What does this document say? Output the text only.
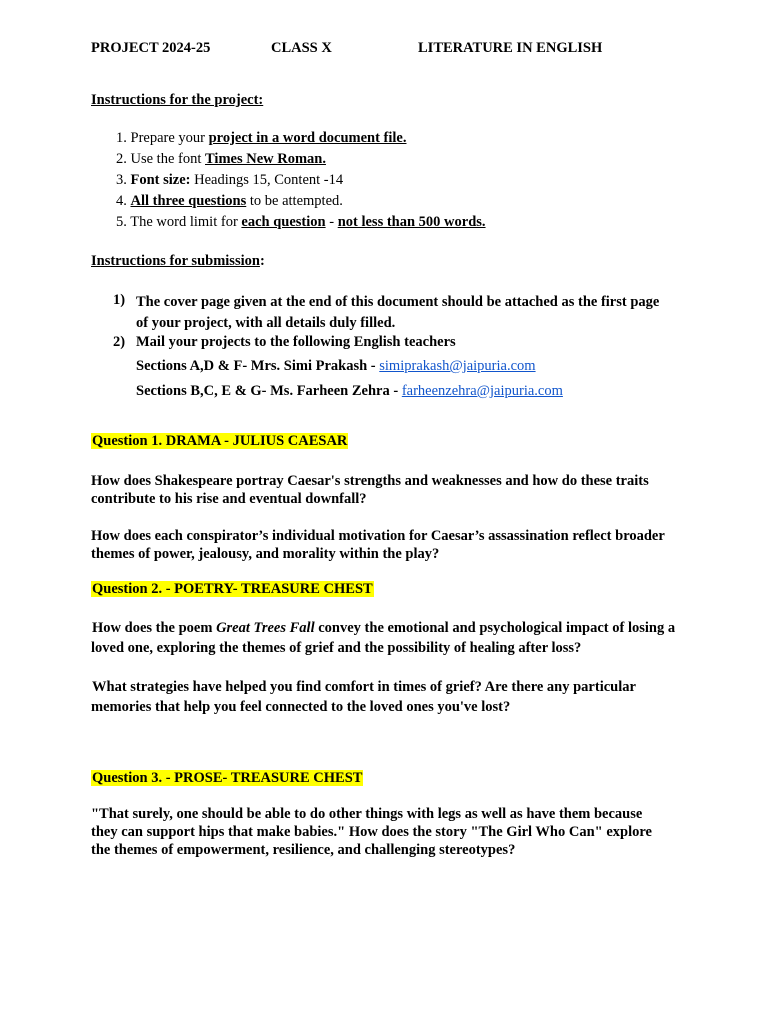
PROJECT 2024-25	CLASS X	LITERATURE IN ENGLISH
Instructions for the project:
1. Prepare your project in a word document file.
2. Use the font Times New Roman.
3. Font size: Headings 15, Content -14
4. All three questions to be attempted.
5. The word limit for each question - not less than 500 words.
Instructions for submission:
1) The cover page given at the end of this document should be attached as the first page of your project, with all details duly filled.
2) Mail your projects to the following English teachers
Sections A,D & F- Mrs. Simi Prakash - simiprakash@jaipuria.com
Sections B,C, E & G- Ms. Farheen Zehra - farheenzehra@jaipuria.com
Question 1. DRAMA - JULIUS CAESAR
How does Shakespeare portray Caesar's strengths and weaknesses and how do these traits contribute to his rise and eventual downfall?
How does each conspirator’s individual motivation for Caesar’s assassination reflect broader themes of power, jealousy, and morality within the play?
Question 2. - POETRY- TREASURE CHEST
How does the poem Great Trees Fall convey the emotional and psychological impact of losing a loved one, exploring the themes of grief and the possibility of healing after loss?
What strategies have helped you find comfort in times of grief? Are there any particular memories that help you feel connected to the loved ones you've lost?
Question 3. - PROSE- TREASURE CHEST
"That surely, one should be able to do other things with legs as well as have them because they can support hips that make babies." How does the story "The Girl Who Can" explore the themes of empowerment, resilience, and challenging stereotypes?
